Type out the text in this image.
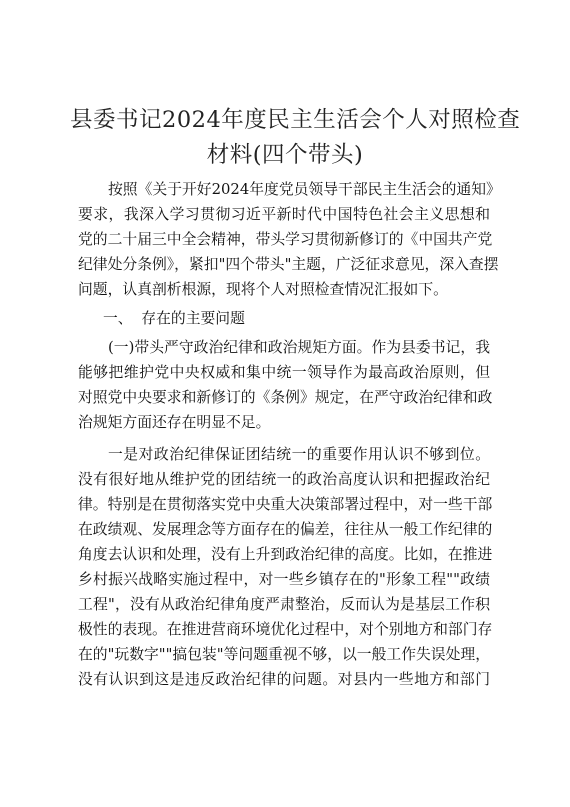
县委书记2024年度民主生活会个人对照检查
材料(四个带头)
按照《关于开好2024年度党员领导干部民主生活会的通知》
要求，我深入学习贯彻习近平新时代中国特色社会主义思想和
党的二十届三中全会精神，带头学习贯彻新修订的《中国共产党
纪律处分条例》，紧扣"四个带头"主题，广泛征求意见，深入查摆
问题，认真剖析根源，现将个人对照检查情况汇报如下。
一、 存在的主要问题
(一)带头严守政治纪律和政治规矩方面。作为县委书记，我
能够把维护党中央权威和集中统一领导作为最高政治原则，但
对照党中央要求和新修订的《条例》规定，在严守政治纪律和政
治规矩方面还存在明显不足。
一是对政治纪律保证团结统一的重要作用认识不够到位。
没有很好地从维护党的团结统一的政治高度认识和把握政治纪
律。特别是在贯彻落实党中央重大决策部署过程中，对一些干部
在政绩观、发展理念等方面存在的偏差，往往从一般工作纪律的
角度去认识和处理，没有上升到政治纪律的高度。比如，在推进
乡村振兴战略实施过程中，对一些乡镇存在的"形象工程""政绩
工程"，没有从政治纪律角度严肃整治，反而认为是基层工作积
极性的表现。在推进营商环境优化过程中，对个别地方和部门存
在的"玩数字""搞包装"等问题重视不够，以一般工作失误处理，
没有认识到这是违反政治纪律的问题。对县内一些地方和部门
